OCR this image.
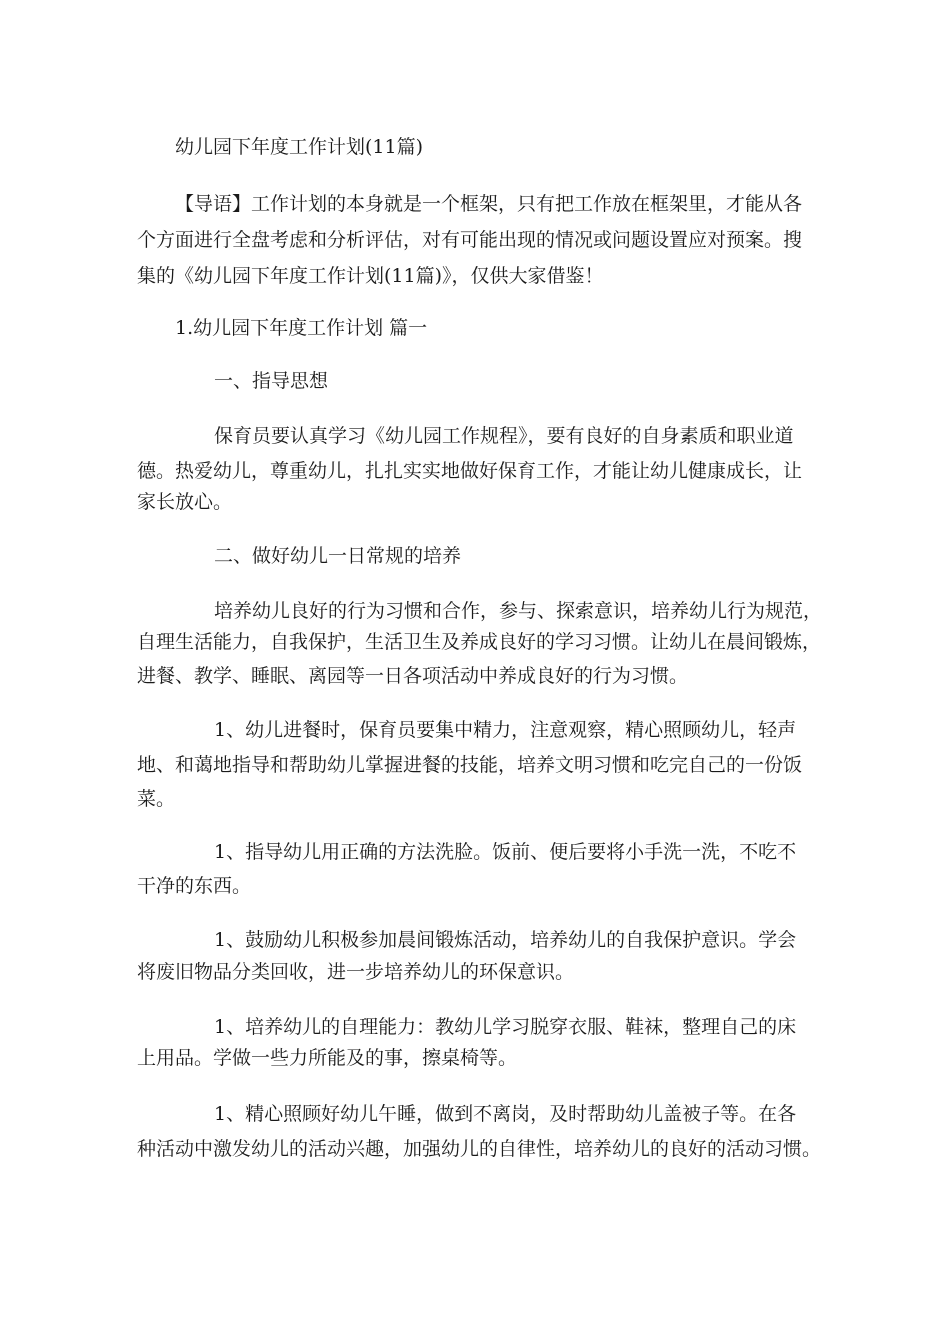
幼儿园下年度工作计划(11篇)
【导语】工作计划的本身就是一个框架，只有把工作放在框架里，才能从各
个方面进行全盘考虑和分析评估，对有可能出现的情况或问题设置应对预案。搜
集的《幼儿园下年度工作计划(11篇)》，仅供大家借鉴！
1.幼儿园下年度工作计划 篇一
一、指导思想
保育员要认真学习《幼儿园工作规程》，要有良好的自身素质和职业道
德。热爱幼儿，尊重幼儿，扎扎实实地做好保育工作，才能让幼儿健康成长，让
家长放心。
二、做好幼儿一日常规的培养
培养幼儿良好的行为习惯和合作，参与、探索意识，培养幼儿行为规范，
自理生活能力，自我保护，生活卫生及养成良好的学习习惯。让幼儿在晨间锻炼，
进餐、教学、睡眠、离园等一日各项活动中养成良好的行为习惯。
1、幼儿进餐时，保育员要集中精力，注意观察，精心照顾幼儿，轻声
地、和蔼地指导和帮助幼儿掌握进餐的技能，培养文明习惯和吃完自己的一份饭
菜。
1、指导幼儿用正确的方法洗脸。饭前、便后要将小手洗一洗，不吃不
干净的东西。
1、鼓励幼儿积极参加晨间锻炼活动，培养幼儿的自我保护意识。学会
将废旧物品分类回收，进一步培养幼儿的环保意识。
1、培养幼儿的自理能力：教幼儿学习脱穿衣服、鞋袜，整理自己的床
上用品。学做一些力所能及的事，擦桌椅等。
1、精心照顾好幼儿午睡，做到不离岗，及时帮助幼儿盖被子等。在各
种活动中激发幼儿的活动兴趣，加强幼儿的自律性，培养幼儿的良好的活动习惯。
